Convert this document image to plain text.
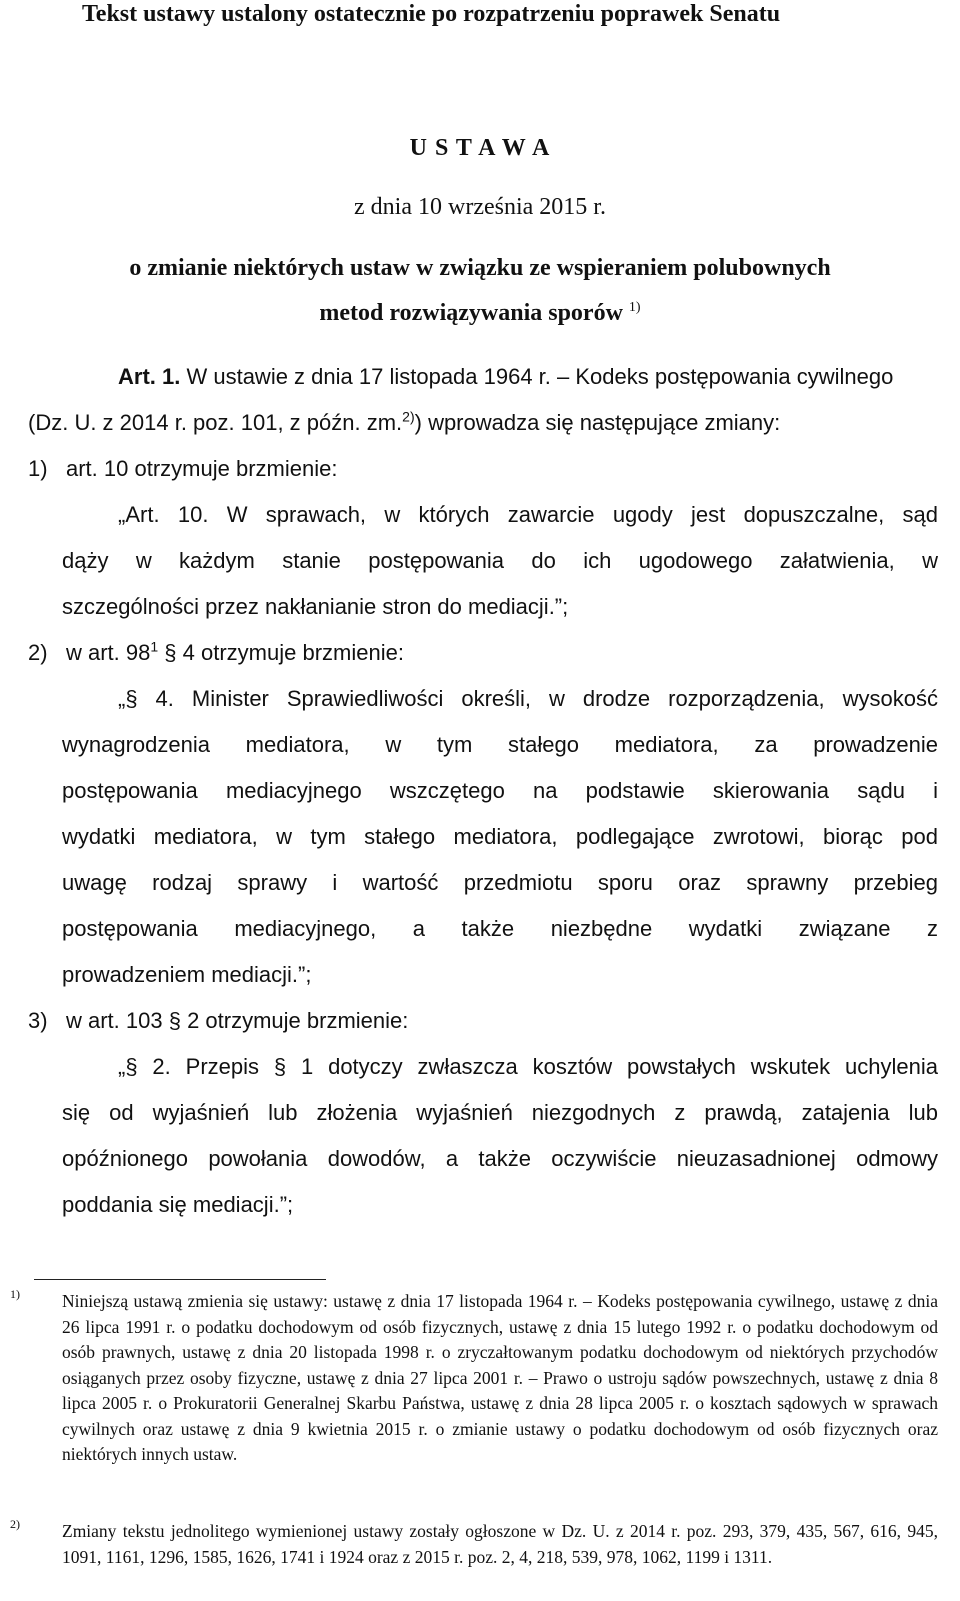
Tekst ustawy ustalony ostatecznie po rozpatrzeniu poprawek Senatu
U S T A W A
z dnia 10 września 2015 r.
o zmianie niektórych ustaw w związku ze wspieraniem polubownych
metod rozwiązywania sporów $^{1)}$
Art. 1. W ustawie z dnia 17 listopada 1964 r. – Kodeks postępowania cywilnego
(Dz. U. z 2014 r. poz. 101, z późn. zm.$^{2)}$) wprowadza się następujące zmiany:
1) art. 10 otrzymuje brzmienie:
„Art. 10. W sprawach, w których zawarcie ugody jest dopuszczalne, sąd
dąży w każdym stanie postępowania do ich ugodowego załatwienia, w
szczególności przez nakłanianie stron do mediacji.”;
2) w art. $98^1$ § 4 otrzymuje brzmienie:
„§ 4. Minister Sprawiedliwości określi, w drodze rozporządzenia, wysokość
wynagrodzenia mediatora, w tym stałego mediatora, za prowadzenie
postępowania mediacyjnego wszczętego na podstawie skierowania sądu i
wydatki mediatora, w tym stałego mediatora, podlegające zwrotowi, biorąc pod
uwagę rodzaj sprawy i wartość przedmiotu sporu oraz sprawny przebieg
postępowania mediacyjnego, a także niezbędne wydatki związane z
prowadzeniem mediacji.”;
3) w art. 103 § 2 otrzymuje brzmienie:
„§ 2. Przepis § 1 dotyczy zwłaszcza kosztów powstałych wskutek uchylenia
się od wyjaśnień lub złożenia wyjaśnień niezgodnych z prawdą, zatajenia lub
opóźnionego powołania dowodów, a także oczywiście nieuzasadnionej odmowy
poddania się mediacji.”;
1) Niniejszą ustawą zmienia się ustawy: ustawę z dnia 17 listopada 1964 r. – Kodeks postępowania cywilnego, ustawę z dnia 26 lipca 1991 r. o podatku dochodowym od osób fizycznych, ustawę z dnia 15 lutego 1992 r. o podatku dochodowym od osób prawnych, ustawę z dnia 20 listopada 1998 r. o zryczałtowanym podatku dochodowym od niektórych przychodów osiąganych przez osoby fizyczne, ustawę z dnia 27 lipca 2001 r. – Prawo o ustroju sądów powszechnych, ustawę z dnia 8 lipca 2005 r. o Prokuratorii Generalnej Skarbu Państwa, ustawę z dnia 28 lipca 2005 r. o kosztach sądowych w sprawach cywilnych oraz ustawę z dnia 9 kwietnia 2015 r. o zmianie ustawy o podatku dochodowym od osób fizycznych oraz niektórych innych ustaw.
2) Zmiany tekstu jednolitego wymienionej ustawy zostały ogłoszone w Dz. U. z 2014 r. poz. 293, 379, 435, 567, 616, 945, 1091, 1161, 1296, 1585, 1626, 1741 i 1924 oraz z 2015 r. poz. 2, 4, 218, 539, 978, 1062, 1199 i 1311.
